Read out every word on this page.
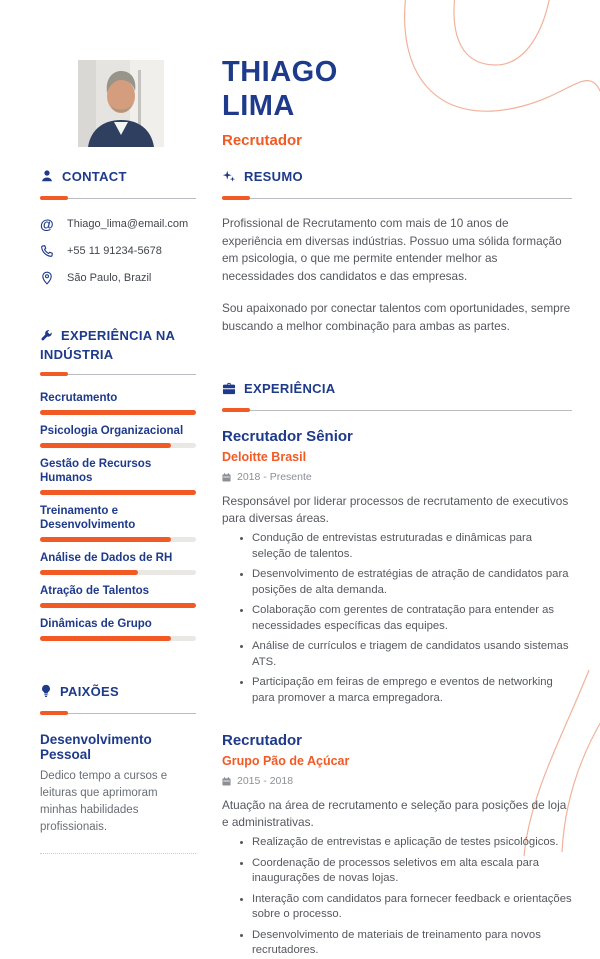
THIAGO
LIMA
Recrutador
CONTACT
@ Thiago_lima@email.com
+55 11 91234-5678
São Paulo, Brazil
EXPERIÊNCIA NA INDÚSTRIA
Recrutamento
Psicologia Organizacional
Gestão de Recursos Humanos
Treinamento e Desenvolvimento
Análise de Dados de RH
Atração de Talentos
Dinâmicas de Grupo
PAIXÕES
Desenvolvimento Pessoal
Dedico tempo a cursos e leituras que aprimoram minhas habilidades profissionais.
RESUMO

Profissional de Recrutamento com mais de 10 anos de experiência em diversas indústrias. Possuo uma sólida formação em psicologia, o que me permite entender melhor as necessidades dos candidatos e das empresas.

Sou apaixonado por conectar talentos com oportunidades, sempre buscando a melhor combinação para ambas as partes.

EXPERIÊNCIA
Recrutador Sênior
Deloitte Brasil
2018 - Presente

Responsável por liderar processos de recrutamento de executivos para diversas áreas.

• Condução de entrevistas estruturadas e dinâmicas para seleção de talentos.
• Desenvolvimento de estratégias de atração de candidatos para posições de alta demanda.
• Colaboração com gerentes de contratação para entender as necessidades específicas das equipes.
• Análise de currículos e triagem de candidatos usando sistemas ATS.
• Participação em feiras de emprego e eventos de networking para promover a marca empregadora.
Recrutador
Grupo Pão de Açúcar
2015 - 2018

Atuação na área de recrutamento e seleção para posições de loja e administrativas.

• Realização de entrevistas e aplicação de testes psicológicos.
• Coordenação de processos seletivos em alta escala para inaugurações de novas lojas.
• Interação com candidatos para fornecer feedback e orientações sobre o processo.
• Desenvolvimento de materiais de treinamento para novos recrutadores.
